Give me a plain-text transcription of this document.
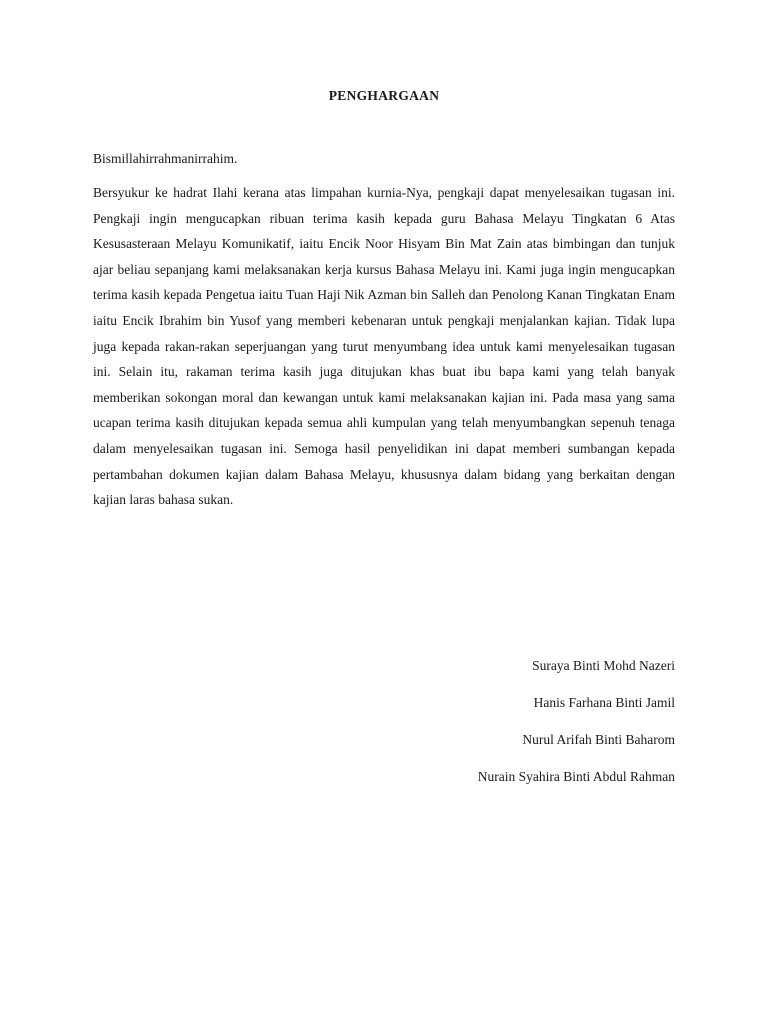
PENGHARGAAN
Bismillahirrahmanirrahim.

Bersyukur ke hadrat Ilahi kerana atas limpahan kurnia-Nya, pengkaji dapat menyelesaikan tugasan ini. Pengkaji ingin mengucapkan ribuan terima kasih kepada guru Bahasa Melayu Tingkatan 6 Atas Kesusasteraan Melayu Komunikatif, iaitu Encik Noor Hisyam Bin Mat Zain atas bimbingan dan tunjuk ajar beliau sepanjang kami melaksanakan kerja kursus Bahasa Melayu ini. Kami juga ingin mengucapkan terima kasih kepada Pengetua iaitu Tuan Haji Nik Azman bin Salleh dan Penolong Kanan Tingkatan Enam iaitu Encik Ibrahim bin Yusof yang memberi kebenaran untuk pengkaji menjalankan kajian. Tidak lupa juga kepada rakan-rakan seperjuangan yang turut menyumbang idea untuk kami menyelesaikan tugasan ini. Selain itu, rakaman terima kasih juga ditujukan khas buat ibu bapa kami yang telah banyak memberikan sokongan moral dan kewangan untuk kami melaksanakan kajian ini. Pada masa yang sama ucapan terima kasih ditujukan kepada semua ahli kumpulan yang telah menyumbangkan sepenuh tenaga dalam menyelesaikan tugasan ini. Semoga hasil penyelidikan ini dapat memberi sumbangan kepada pertambahan dokumen kajian dalam Bahasa Melayu, khususnya dalam bidang yang berkaitan dengan kajian laras bahasa sukan.

Suraya Binti Mohd Nazeri
Hanis Farhana Binti Jamil
Nurul Arifah Binti Baharom
Nurain Syahira Binti Abdul Rahman
